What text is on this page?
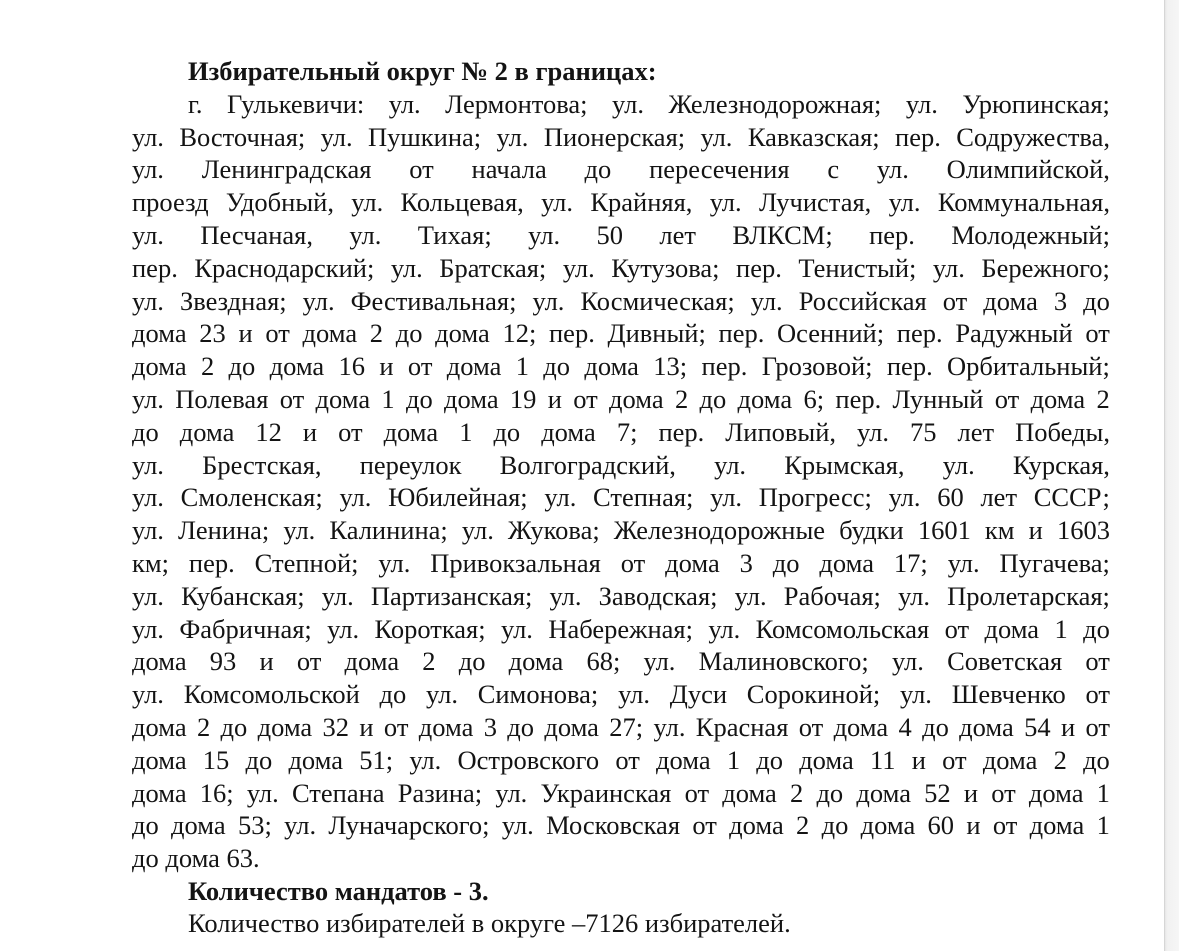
Избирательный округ № 2 в границах:
г. Гулькевичи: ул. Лермонтова; ул. Железнодорожная; ул. Урюпинская;
ул. Восточная; ул. Пушкина; ул. Пионерская; ул. Кавказская; пер. Содружества,
ул. Ленинградская от начала до пересечения с ул. Олимпийской,
проезд Удобный, ул. Кольцевая, ул. Крайняя, ул. Лучистая, ул. Коммунальная,
ул. Песчаная, ул. Тихая; ул. 50 лет ВЛКСМ; пер. Молодежный;
пер. Краснодарский; ул. Братская; ул. Кутузова; пер. Тенистый; ул. Бережного;
ул. Звездная; ул. Фестивальная; ул. Космическая; ул. Российская от дома 3 до
дома 23 и от дома 2 до дома 12; пер. Дивный; пер. Осенний; пер. Радужный от
дома 2 до дома 16 и от дома 1 до дома 13; пер. Грозовой; пер. Орбитальный;
ул. Полевая от дома 1 до дома 19 и от дома 2 до дома 6; пер. Лунный от дома 2
до дома 12 и от дома 1 до дома 7; пер. Липовый, ул. 75 лет Победы,
ул. Брестская, переулок Волгоградский, ул. Крымская, ул. Курская,
ул. Смоленская; ул. Юбилейная; ул. Степная; ул. Прогресс; ул. 60 лет СССР;
ул. Ленина; ул. Калинина; ул. Жукова; Железнодорожные будки 1601 км и 1603
км; пер. Степной; ул. Привокзальная от дома 3 до дома 17; ул. Пугачева;
ул. Кубанская; ул. Партизанская; ул. Заводская; ул. Рабочая; ул. Пролетарская;
ул. Фабричная; ул. Короткая; ул. Набережная; ул. Комсомольская от дома 1 до
дома 93 и от дома 2 до дома 68; ул. Малиновского; ул. Советская от
ул. Комсомольской до ул. Симонова; ул. Дуси Сорокиной; ул. Шевченко от
дома 2 до дома 32 и от дома 3 до дома 27; ул. Красная от дома 4 до дома 54 и от
дома 15 до дома 51; ул. Островского от дома 1 до дома 11 и от дома 2 до
дома 16; ул. Степана Разина; ул. Украинская от дома 2 до дома 52 и от дома 1
до дома 53; ул. Луначарского; ул. Московская от дома 2 до дома 60 и от дома 1
до дома 63.
Количество мандатов - 3.
Количество избирателей в округе –7126 избирателей.
